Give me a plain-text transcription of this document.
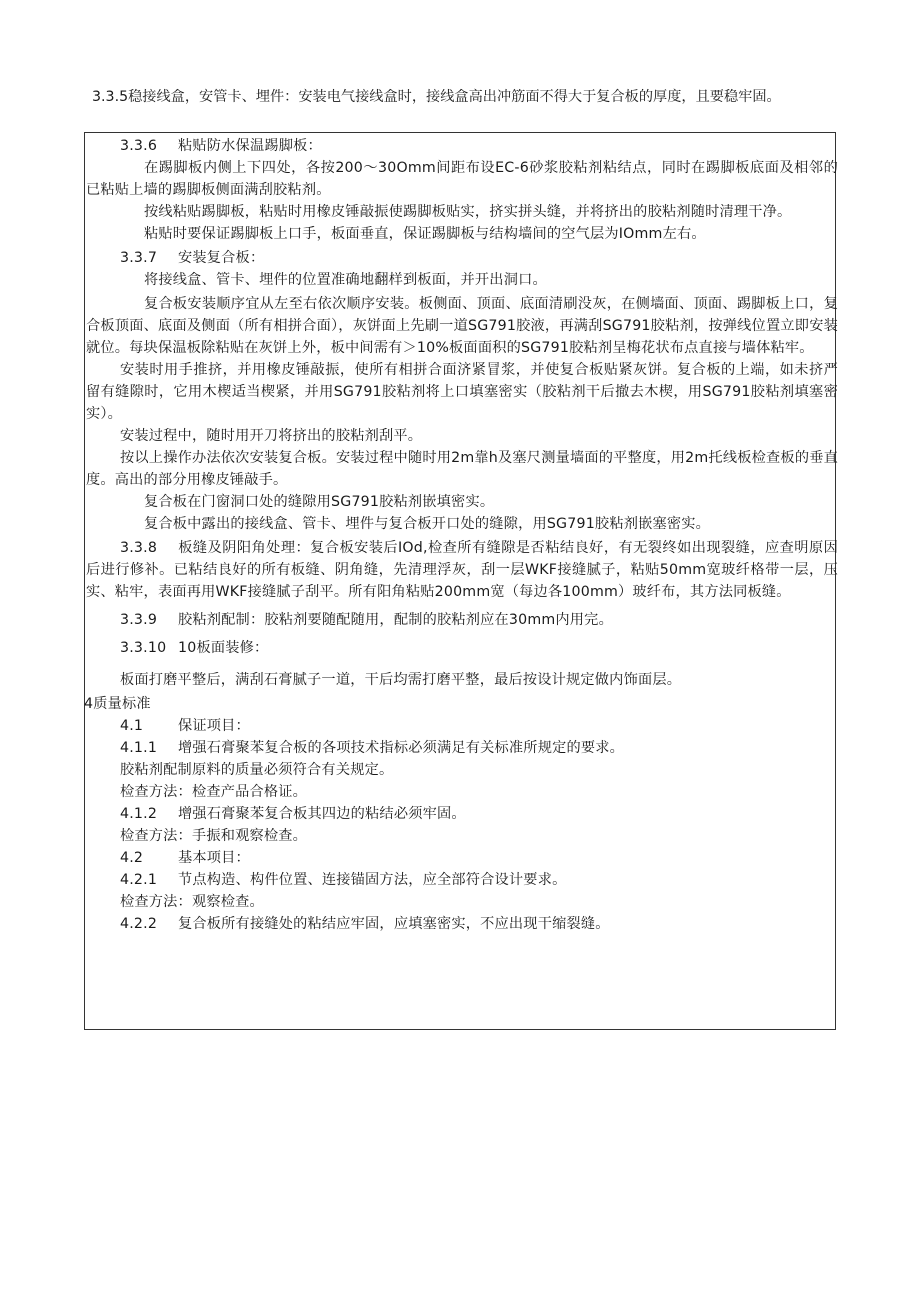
3.3.5稳接线盒，安管卡、埋件：安装电气接线盒时，接线盒高出冲筋面不得大于复合板的厚度，且要稳牢固。

3.3.6 粘贴防水保温踢脚板：

在踢脚板内侧上下四处，各按200～30Omm间距布设EC-6砂浆胶粘剂粘结点，同时在踢脚板底面及相邻的已粘贴上墙的踢脚板侧面满刮胶粘剂。

按线粘贴踢脚板，粘贴时用橡皮锤敲振使踢脚板贴实，挤实拼头缝，并将挤出的胶粘剂随时清理干净。

粘贴时要保证踢脚板上口手，板面垂直，保证踢脚板与结构墙间的空气层为IOmm左右。

3.3.7 安装复合板：

将接线盒、管卡、埋件的位置准确地翻样到板面，并开出洞口。

复合板安装顺序宜从左至右依次顺序安装。板侧面、顶面、底面清刷没灰，在侧墙面、顶面、踢脚板上口，复合板顶面、底面及侧面（所有相拼合面），灰饼面上先刷一道SG791胶液，再满刮SG791胶粘剂，按弹线位置立即安装就位。每块保温板除粘贴在灰饼上外，板中间需有＞10%板面面积的SG791胶粘剂呈梅花状布点直接与墙体粘牢。

安装时用手推挤，并用橡皮锤敲振，使所有相拼合面济紧冒浆，并使复合板贴紧灰饼。复合板的上端，如未挤严留有缝隙时，它用木楔适当楔紧，并用SG791胶粘剂将上口填塞密实（胶粘剂干后撤去木楔，用SG791胶粘剂填塞密实）。

安装过程中，随时用开刀将挤出的胶粘剂刮平。

按以上操作办法依次安装复合板。安装过程中随时用2m靠h及塞尺测量墙面的平整度，用2m托线板检查板的垂直度。高出的部分用橡皮锤敲手。

复合板在门窗洞口处的缝隙用SG791胶粘剂嵌填密实。

复合板中露出的接线盒、管卡、埋件与复合板开口处的缝隙，用SG791胶粘剂嵌塞密实。

3.3.8 板缝及阴阳角处理：复合板安装后IOd,检查所有缝隙是否粘结良好，有无裂终如出现裂缝，应查明原因后进行修补。已粘结良好的所有板缝、阴角缝，先清理浮灰，刮一层WKF接缝腻子，粘贴50mm宽玻纤格带一层，压实、粘牢，表面再用WKF接缝腻子刮平。所有阳角粘贴200mm宽（每边各100mm）玻纤布，其方法同板缝。

3.3.9 胶粘剂配制：胶粘剂要随配随用，配制的胶粘剂应在30mm内用完。

3.3.10 10板面装修：

板面打磨平整后，满刮石膏腻子一道，干后均需打磨平整，最后按设计规定做内饰面层。

4质量标准

4.1 保证项目：

4.1.1 增强石膏聚苯复合板的各项技术指标必须满足有关标准所规定的要求。

胶粘剂配制原料的质量必须符合有关规定。

检查方法：检查产品合格证。

4.1.2 增强石膏聚苯复合板其四边的粘结必须牢固。

检查方法：手振和观察检查。

4.2 基本项目：

4.2.1 节点构造、构件位置、连接锚固方法，应全部符合设计要求。

检查方法：观察检查。

4.2.2 复合板所有接缝处的粘结应牢固，应填塞密实，不应出现干缩裂缝。
